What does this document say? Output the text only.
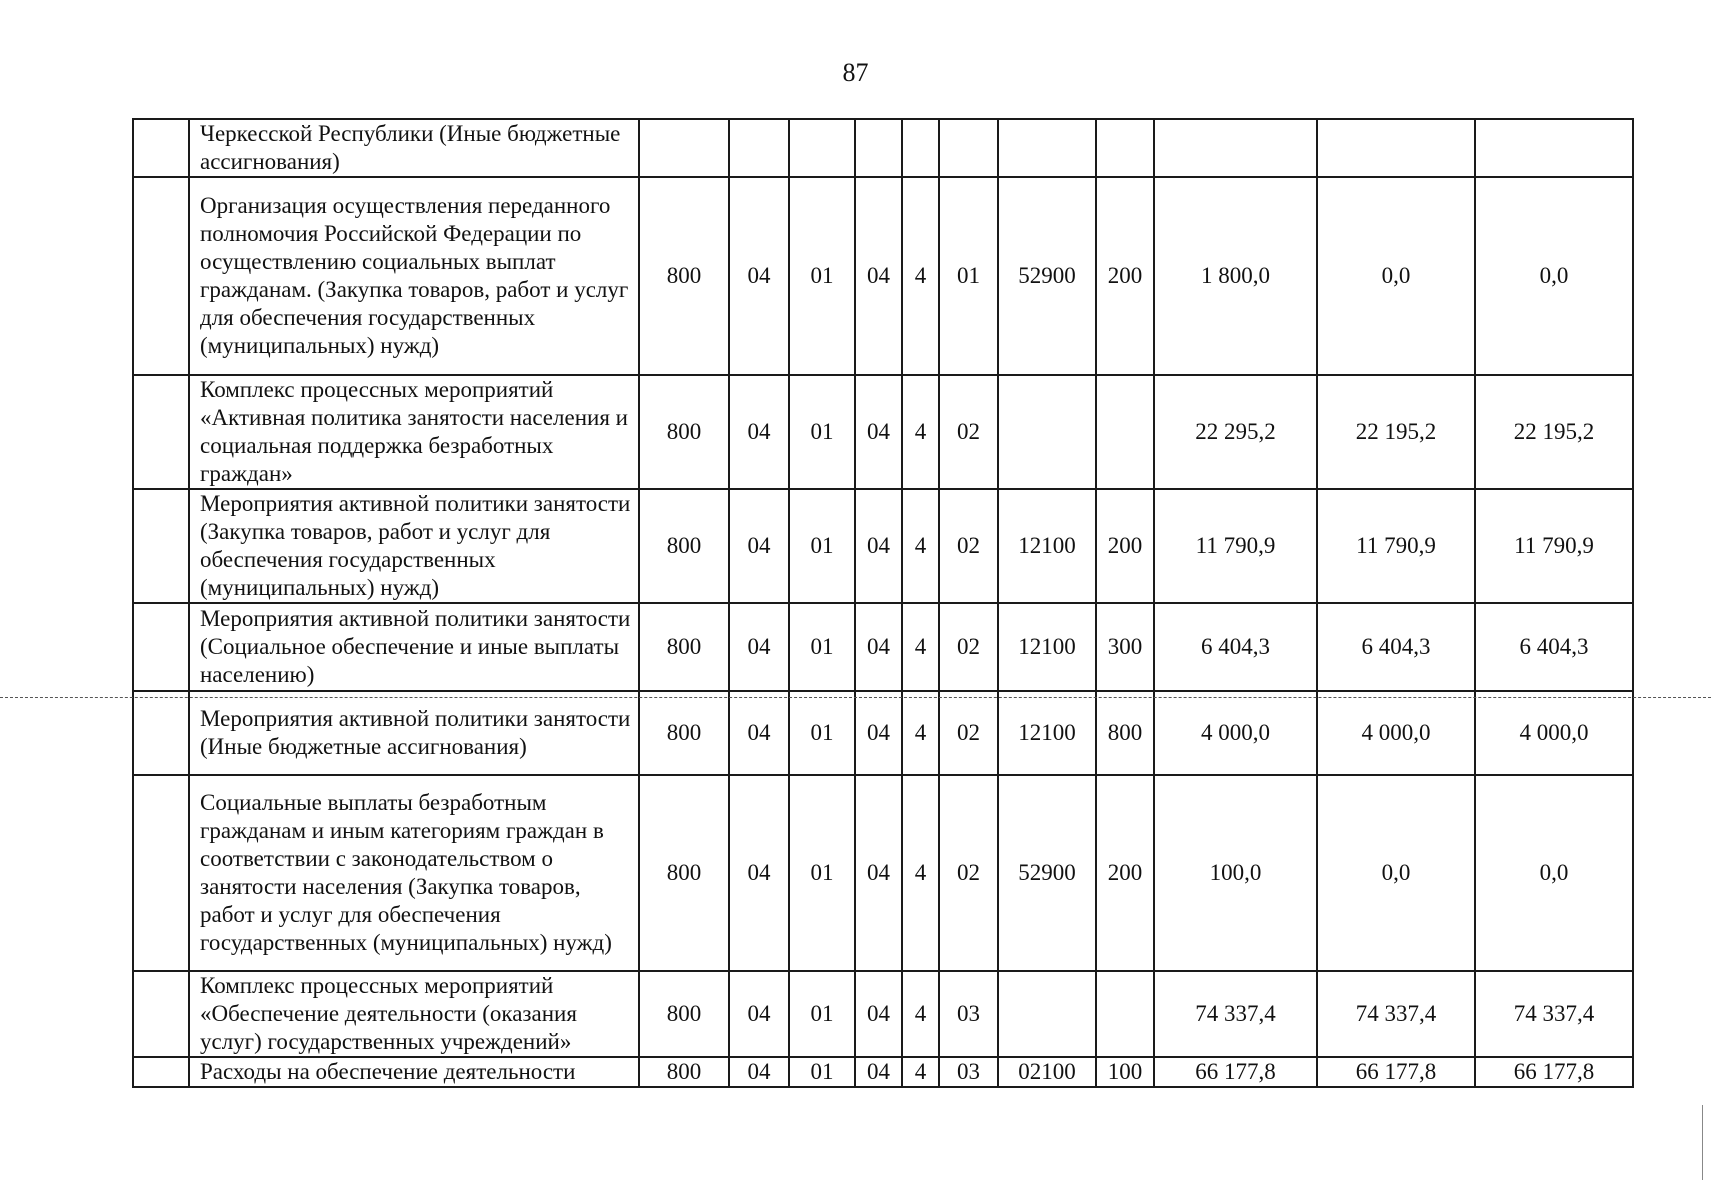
87
	Черкесской Республики (Иные бюджетные ассигнования)											
	Организация осуществления переданного полномочия Российской Федерации по осуществлению социальных выплат гражданам. (Закупка товаров, работ и услуг для обеспечения государственных (муниципальных) нужд)	800	04	01	04	4	01	52900	200	1 800,0	0,0	0,0
	Комплекс процессных мероприятий «Активная политика занятости населения и социальная поддержка безработных граждан»	800	04	01	04	4	02			22 295,2	22 195,2	22 195,2
	Мероприятия активной политики занятости (Закупка товаров, работ и услуг для обеспечения государственных (муниципальных) нужд)	800	04	01	04	4	02	12100	200	11 790,9	11 790,9	11 790,9
	Мероприятия активной политики занятости (Социальное обеспечение и иные выплаты населению)	800	04	01	04	4	02	12100	300	6 404,3	6 404,3	6 404,3
	Мероприятия активной политики занятости (Иные бюджетные ассигнования)	800	04	01	04	4	02	12100	800	4 000,0	4 000,0	4 000,0
	Социальные выплаты безработным гражданам и иным категориям граждан в соответствии с законодательством о занятости населения (Закупка товаров, работ и услуг для обеспечения государственных (муниципальных) нужд)	800	04	01	04	4	02	52900	200	100,0	0,0	0,0
	Комплекс процессных мероприятий «Обеспечение деятельности (оказания услуг) государственных учреждений»	800	04	01	04	4	03			74 337,4	74 337,4	74 337,4
	Расходы на обеспечение деятельности	800	04	01	04	4	03	02100	100	66 177,8	66 177,8	66 177,8
